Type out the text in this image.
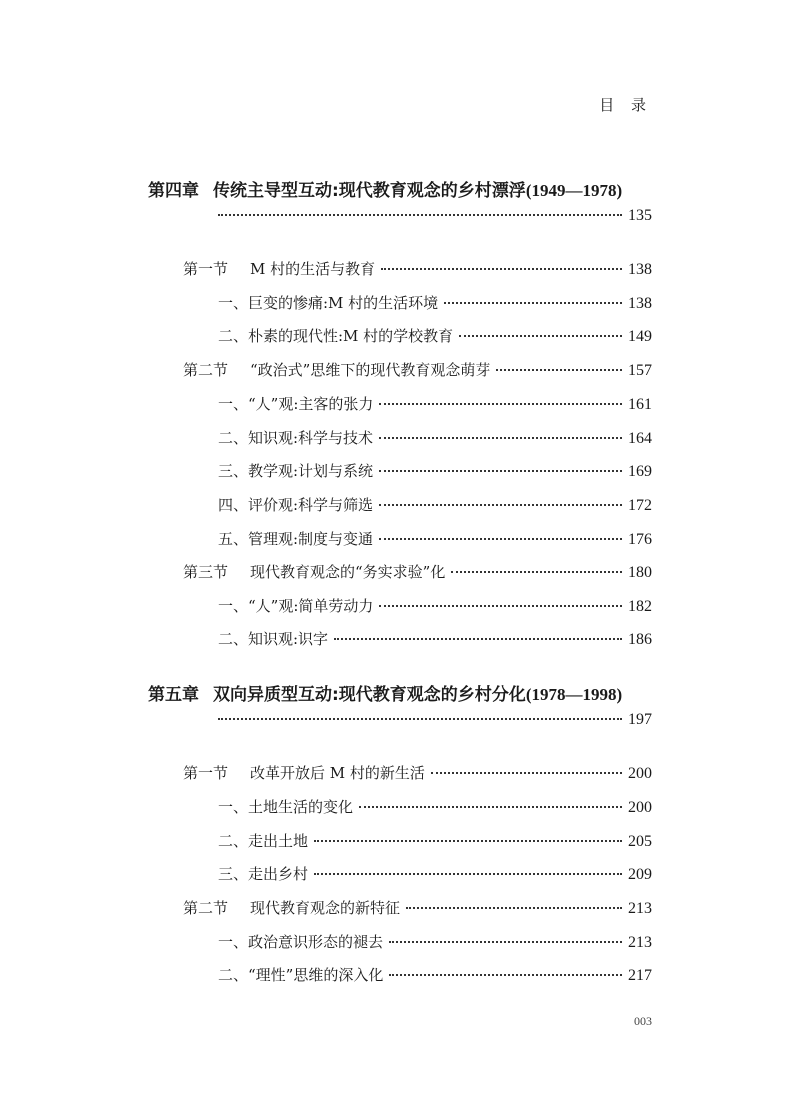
目 录
第四章 传统主导型互动:现代教育观念的乡村漂浮(1949—1978)
135
第一节 M 村的生活与教育	138
一、巨变的惨痛:M 村的生活环境	138
二、朴素的现代性:M 村的学校教育	149
第二节 “政治式”思维下的现代教育观念萌芽	157
一、“人”观:主客的张力	161
二、知识观:科学与技术	164
三、教学观:计划与系统	169
四、评价观:科学与筛选	172
五、管理观:制度与变通	176
第三节 现代教育观念的“务实求验”化	180
一、“人”观:简单劳动力	182
二、知识观:识字	186
第五章 双向异质型互动:现代教育观念的乡村分化(1978—1998)
197
第一节 改革开放后 M 村的新生活	200
一、土地生活的变化	200
二、走出土地	205
三、走出乡村	209
第二节 现代教育观念的新特征	213
一、政治意识形态的褪去	213
二、“理性”思维的深入化	217
003
